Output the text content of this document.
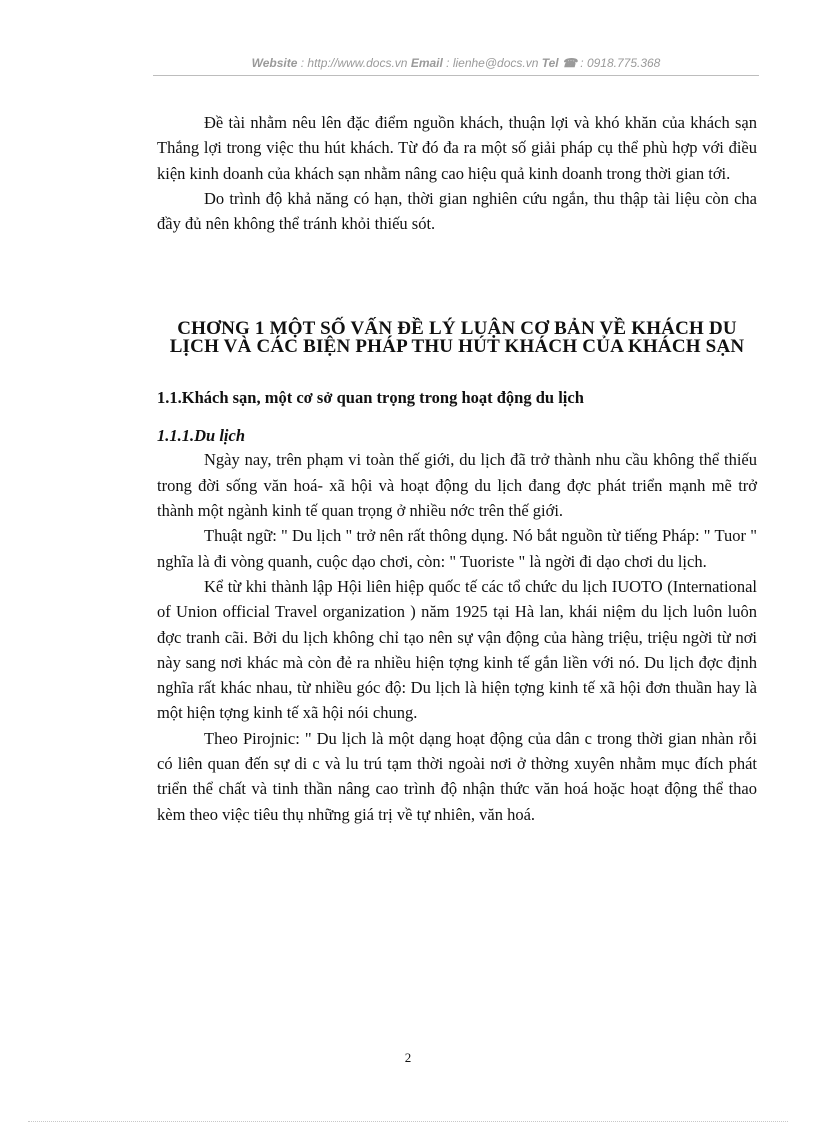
Website : http://www.docs.vn Email : lienhe@docs.vn Tel ☎ : 0918.775.368

Đề tài nhằm nêu lên đặc điểm nguồn khách, thuận lợi và khó khăn của khách sạn Thắng lợi trong việc thu hút khách. Từ đó đa ra một số giải pháp cụ thể phù hợp với điều kiện kinh doanh của khách sạn nhằm nâng cao hiệu quả kinh doanh trong thời gian tới.

Do trình độ khả năng có hạn, thời gian nghiên cứu ngắn, thu thập tài liệu còn cha đầy đủ nên không thể tránh khỏi thiếu sót.

CHƠNG 1 MỘT SỐ VẤN ĐỀ LÝ LUẬN CƠ BẢN VỀ KHÁCH DU LỊCH VÀ CÁC BIỆN PHÁP THU HÚT KHÁCH CỦA KHÁCH SẠN
1.1.Khách sạn, một cơ sở quan trọng trong hoạt động du lịch
1.1.1.Du lịch

Ngày nay, trên phạm vi toàn thế giới, du lịch đã trở thành nhu cầu không thể thiếu trong đời sống văn hoá- xã hội và hoạt động du lịch đang đợc phát triển mạnh mẽ trở thành một ngành kinh tế quan trọng ở nhiều nớc trên thế giới.

Thuật ngữ: " Du lịch " trở nên rất thông dụng. Nó bắt nguồn từ tiếng Pháp: " Tuor " nghĩa là đi vòng quanh, cuộc dạo chơi, còn: " Tuoriste " là ngời đi dạo chơi du lịch.

Kể từ khi thành lập Hội liên hiệp quốc tế các tổ chức du lịch IUOTO (International of Union official Travel organization ) năm 1925 tại Hà lan, khái niệm du lịch luôn luôn đợc tranh cãi. Bởi du lịch không chỉ tạo nên sự vận động của hàng triệu, triệu ngời từ nơi này sang nơi khác mà còn đẻ ra nhiều hiện tợng kinh tế gắn liền với nó. Du lịch đợc định nghĩa rất khác nhau, từ nhiều góc độ: Du lịch là hiện tợng kinh tế xã hội đơn thuần hay là một hiện tợng kinh tế xã hội nói chung.

Theo Pirojnic: " Du lịch là một dạng hoạt động của dân c trong thời gian nhàn rỗi có liên quan đến sự di c và lu trú tạm thời ngoài nơi ở thờng xuyên nhằm mục đích phát triển thể chất và tinh thần nâng cao trình độ nhận thức văn hoá hoặc hoạt động thể thao kèm theo việc tiêu thụ những giá trị về tự nhiên, văn hoá.

2
